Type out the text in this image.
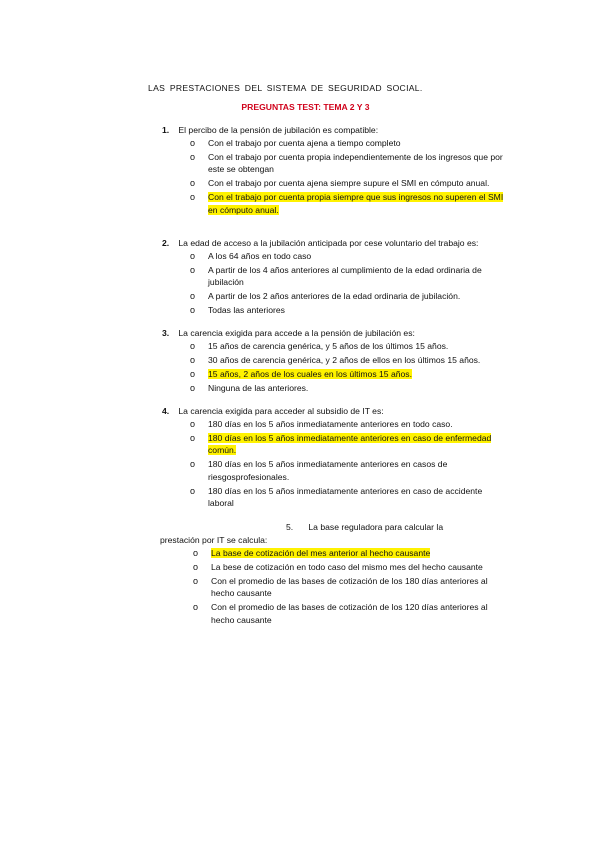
LAS PRESTACIONES DEL SISTEMA DE SEGURIDAD SOCIAL.
PREGUNTAS TEST: TEMA 2 Y 3
1. El percibo de la pensión de jubilación es compatible:
o Con el trabajo por cuenta ajena a tiempo completo
o Con el trabajo por cuenta propia independientemente de los ingresos que por este se obtengan
o Con el trabajo por cuenta ajena siempre supure el SMI en cómputo anual.
o Con el trabajo por cuenta propia siempre que sus ingresos no superen el SMI en cómputo anual.
2. La edad de acceso a la jubilación anticipada por cese voluntario del trabajo es:
o A los 64 años en todo caso
o A partir de los 4 años anteriores al cumplimiento de la edad ordinaria de jubilación
o A partir de los 2 años anteriores de la edad ordinaria de jubilación.
o Todas las anteriores
3. La carencia exigida para accede a la pensión de jubilación es:
o 15 años de carencia genérica, y 5 años de los últimos 15 años.
o 30 años de carencia genérica, y 2 años de ellos en los últimos 15 años.
o 15 años, 2 años de los cuales en los últimos 15 años.
o Ninguna de las anteriores.
4. La carencia exigida para acceder al subsidio de IT es:
o 180 días en los 5 años inmediatamente anteriores en todo caso.
o 180 días en los 5 años inmediatamente anteriores en caso de enfermedad común.
o 180 días en los 5 años inmediatamente anteriores en casos de riesgosprofesionales.
o 180 días en los 5 años inmediatamente anteriores en caso de accidente laboral
5. La base reguladora para calcular la
prestación por IT se calcula:
o La base de cotización del mes anterior al hecho causante
o La bese de cotización en todo caso del mismo mes del hecho causante
o Con el promedio de las bases de cotización de los 180 días anteriores al hecho causante
o Con el promedio de las bases de cotización de los 120 días anteriores al hecho causante
